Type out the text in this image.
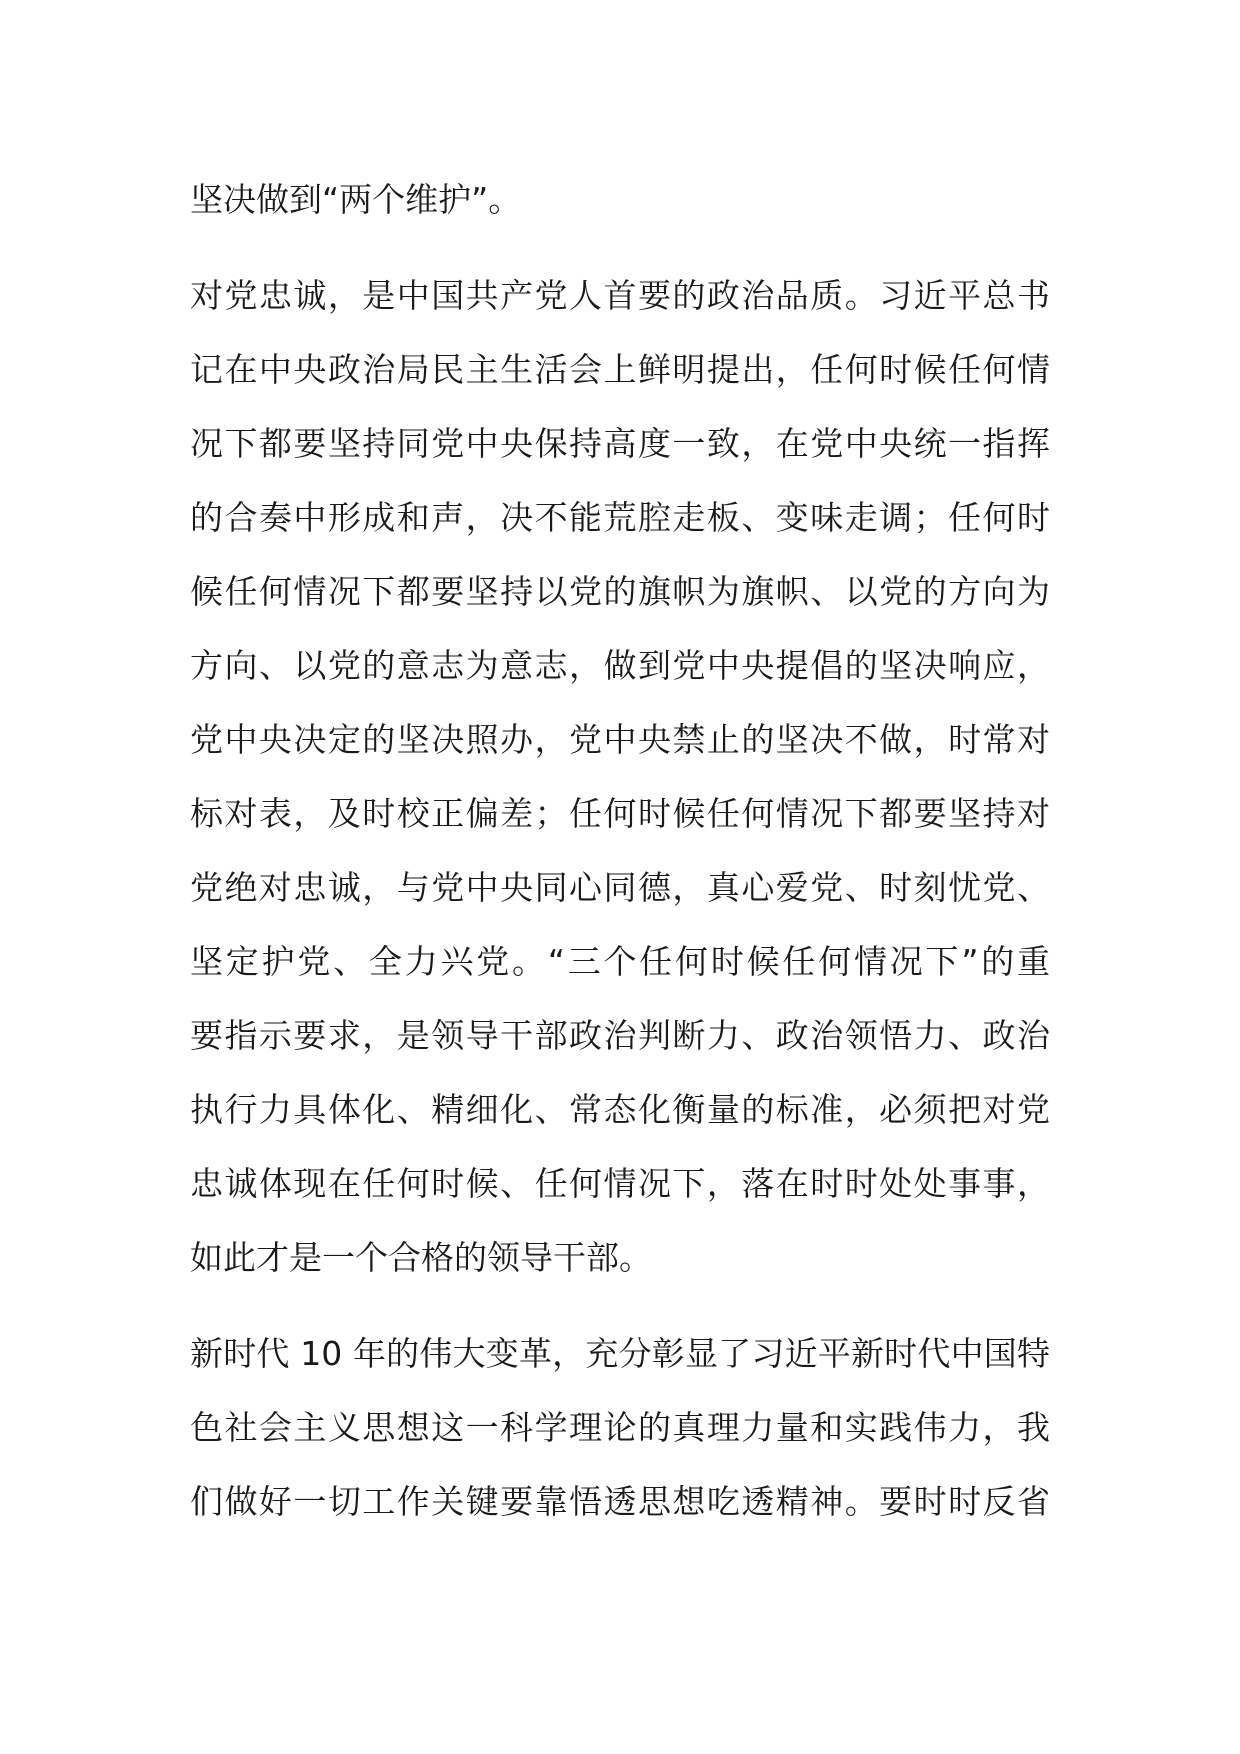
坚决做到“两个维护”。
对党忠诚，是中国共产党人首要的政治品质。习近平总书
记在中央政治局民主生活会上鲜明提出，任何时候任何情
况下都要坚持同党中央保持高度一致，在党中央统一指挥
的合奏中形成和声，决不能荒腔走板、变味走调；任何时
候任何情况下都要坚持以党的旗帜为旗帜、以党的方向为
方向、以党的意志为意志，做到党中央提倡的坚决响应，
党中央决定的坚决照办，党中央禁止的坚决不做，时常对
标对表，及时校正偏差；任何时候任何情况下都要坚持对
党绝对忠诚，与党中央同心同德，真心爱党、时刻忧党、
坚定护党、全力兴党。“三个任何时候任何情况下”的重
要指示要求，是领导干部政治判断力、政治领悟力、政治
执行力具体化、精细化、常态化衡量的标准，必须把对党
忠诚体现在任何时候、任何情况下，落在时时处处事事，
如此才是一个合格的领导干部。
新时代 10 年的伟大变革，充分彰显了习近平新时代中国特
色社会主义思想这一科学理论的真理力量和实践伟力，我
们做好一切工作关键要靠悟透思想吃透精神。要时时反省
